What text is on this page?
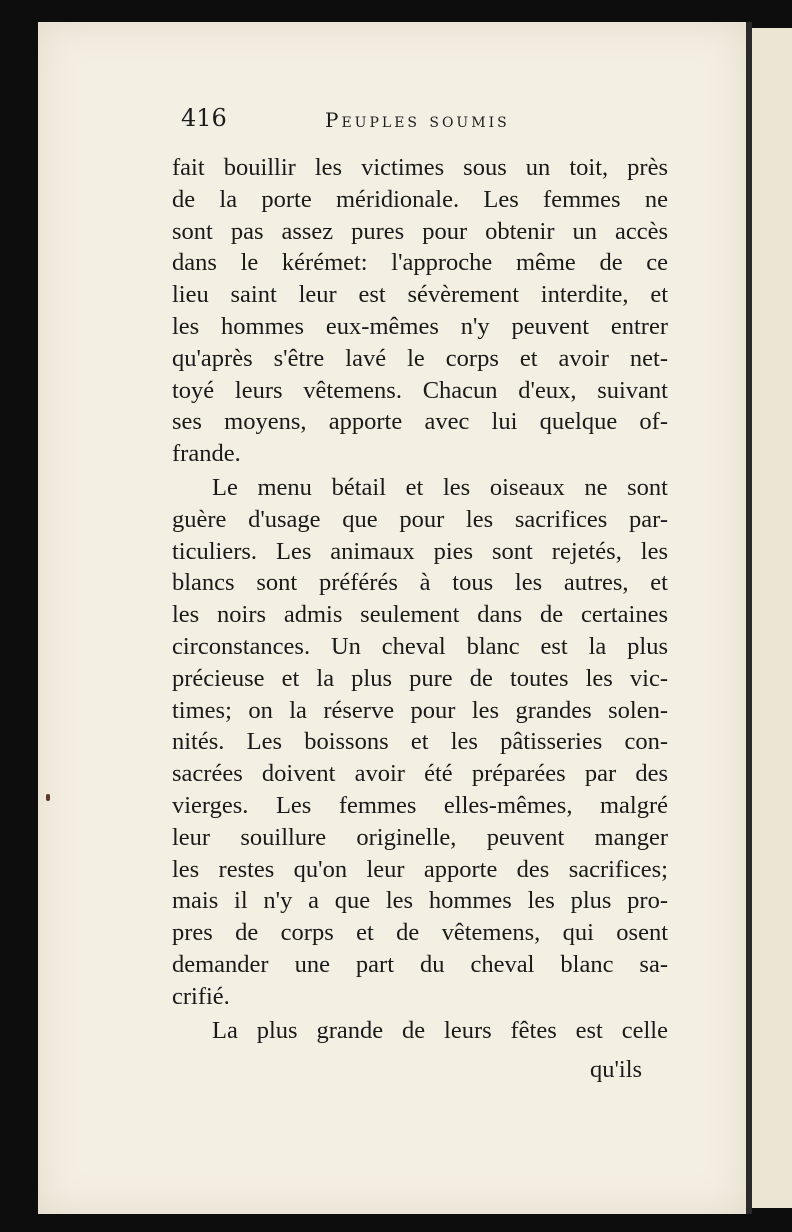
416	Peuples soumis
fait bouillir les victimes sous un toit, près
de la porte méridionale. Les femmes ne
sont pas assez pures pour obtenir un accès
dans le kérémet: l'approche même de ce
lieu saint leur est sévèrement interdite, et
les hommes eux-mêmes n'y peuvent entrer
qu'après s'être lavé le corps et avoir net-
toyé leurs vêtemens. Chacun d'eux, suivant
ses moyens, apporte avec lui quelque of-
frande.
Le menu bétail et les oiseaux ne sont
guère d'usage que pour les sacrifices par-
ticuliers. Les animaux pies sont rejetés, les
blancs sont préférés à tous les autres, et
les noirs admis seulement dans de certaines
circonstances. Un cheval blanc est la plus
précieuse et la plus pure de toutes les vic-
times; on la réserve pour les grandes solen-
nités. Les boissons et les pâtisseries con-
sacrées doivent avoir été préparées par des
vierges. Les femmes elles-mêmes, malgré
leur souillure originelle, peuvent manger
les restes qu'on leur apporte des sacrifices;
mais il n'y a que les hommes les plus pro-
pres de corps et de vêtemens, qui osent
demander une part du cheval blanc sa-
crifié.
La plus grande de leurs fêtes est celle
qu'ils
